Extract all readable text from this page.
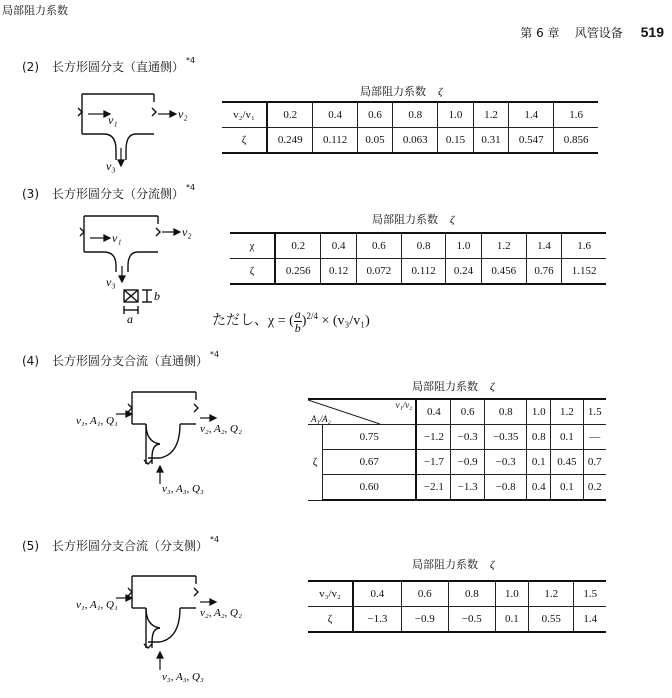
局部阻力系数
第 6 章 风管设备 519
(2) 长方形圆分支（直通侧） $^{*4}$
v₁	v₂
v₃
局部阻力系数 ζ
v₂/v₁	0.2	0.4	0.6	0.8	1.0	1.2	1.4	1.6
ζ	0.249	0.112	0.05	0.063	0.15	0.31	0.547	0.856
(3) 长方形圆分支（分流侧） $^{*4}$
v₁	v₂
v₃
a
b
局部阻力系数 ζ
χ	0.2	0.4	0.6	0.8	1.0	1.2	1.4	1.6
ζ	0.256	0.12	0.072	0.112	0.24	0.456	0.76	1.152
ただし、χ = ( $\frac{a}{b} )^{2/4} \times (v_3/v_1)$
(4) 长方形圆分支合流（直通侧） $^{*4}$
v₁, A₁, Q₁
v₂, A₂, Q₂
v₃, A₃, Q₃
局部阻力系数 ζ
v₁/v₂
A₁/A₂		0.4	0.6	0.8	1.0	1.2	1.5
ζ	0.75	−1.2	−0.3	−0.35	0.8	0.1	—
	0.67	−1.7	−0.9	−0.3	0.1	0.45	0.7
	0.60	−2.1	−1.3	−0.8	0.4	0.1	0.2
(5) 长方形圆分支合流（分支侧） $^{*4}$
v₁, A₁, Q₁
v₂, A₂, Q₂
v₃, A₃, Q₃
局部阻力系数 ζ
v₃/v₂	0.4	0.6	0.8	1.0	1.2	1.5
ζ	−1.3	−0.9	−0.5	0.1	0.55	1.4
